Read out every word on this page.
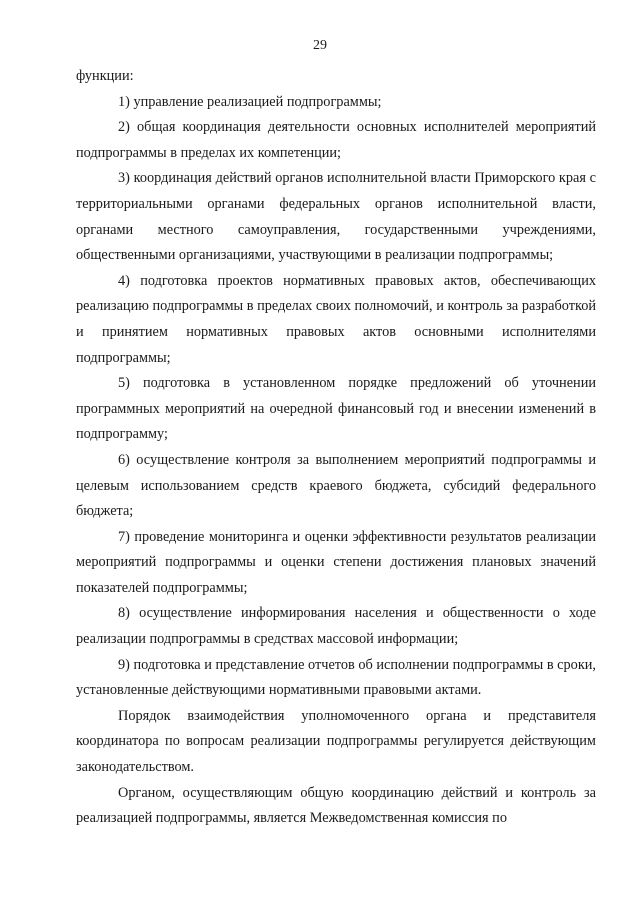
29

функции:

1) управление реализацией подпрограммы;

2) общая координация деятельности основных исполнителей мероприятий подпрограммы в пределах их компетенции;

3) координация действий органов исполнительной власти Приморского края с территориальными органами федеральных органов исполнительной власти, органами местного самоуправления, государственными учреждениями, общественными организациями, участвующими в реализации подпрограммы;

4) подготовка проектов нормативных правовых актов, обеспечивающих реализацию подпрограммы в пределах своих полномочий, и контроль за разработкой и принятием нормативных правовых актов основными исполнителями подпрограммы;

5) подготовка в установленном порядке предложений об уточнении программных мероприятий на очередной финансовый год и внесении изменений в подпрограмму;

6) осуществление контроля за выполнением мероприятий подпрограммы и целевым использованием средств краевого бюджета, субсидий федерального бюджета;

7) проведение мониторинга и оценки эффективности результатов реализации мероприятий подпрограммы и оценки степени достижения плановых значений показателей подпрограммы;

8) осуществление информирования населения и общественности о ходе реализации подпрограммы в средствах массовой информации;

9) подготовка и представление отчетов об исполнении подпрограммы в сроки, установленные действующими нормативными правовыми актами.

Порядок взаимодействия уполномоченного органа и представителя координатора по вопросам реализации подпрограммы регулируется действующим законодательством.

Органом, осуществляющим общую координацию действий и контроль за реализацией подпрограммы, является Межведомственная комиссия по
